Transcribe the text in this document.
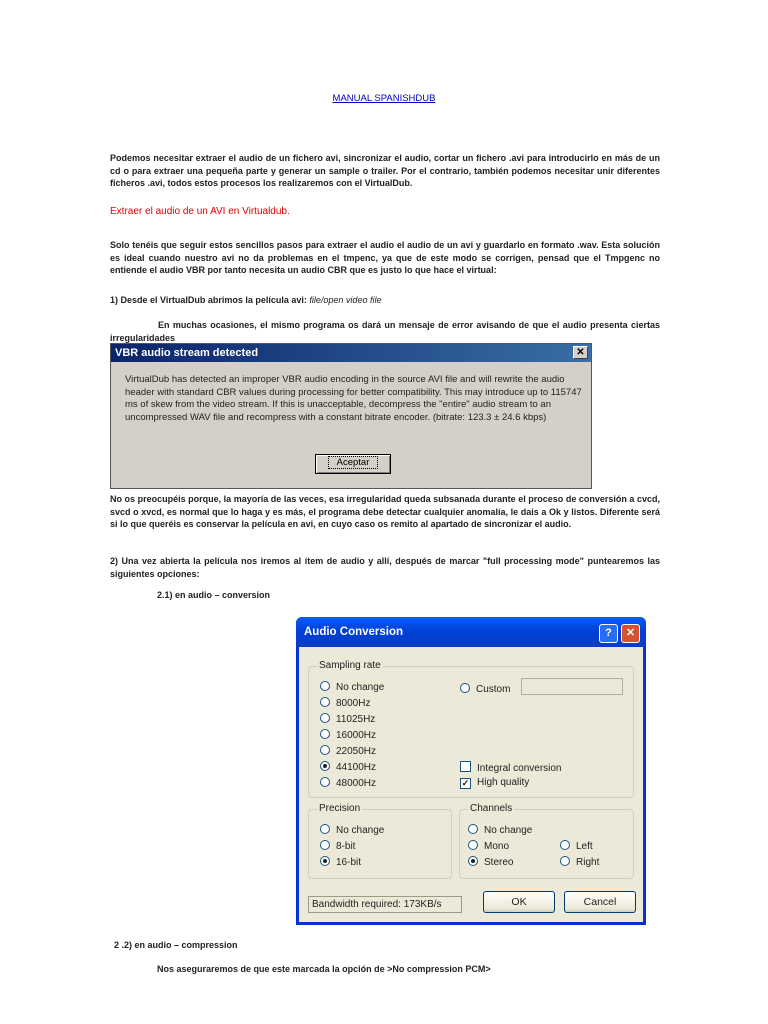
MANUAL SPANISHDUB
Podemos necesitar extraer el audio de un fichero avi, sincronizar el audio, cortar un fichero .avi para introducirlo en más de un cd o para extraer una pequeña parte y generar un sample o trailer. Por el contrario, también podemos necesitar unir diferentes ficheros .avi, todos estos procesos los realizaremos con el VirtualDub.
Extraer el audio de un AVI en Virtualdub.
Solo tenéis que seguir estos sencillos pasos para extraer el audio el audio de un avi y guardarlo en formato .wav. Esta solución es ideal cuando nuestro avi no da problemas en el tmpenc, ya que de este modo se corrigen, pensad que el Tmpgenc no entiende el audio VBR por tanto necesita un audio CBR que es justo lo que hace el virtual:
1) Desde el VirtualDub abrimos la película avi: file/open video file
En muchas ocasiones, el mismo programa os dará un mensaje de error avisando de que el audio presenta ciertas irregularidades
VBR audio stream detected	✕
VirtualDub has detected an improper VBR audio encoding in the source AVI file and will rewrite the audio header with standard CBR values during processing for better compatibility. This may introduce up to 115747 ms of skew from the video stream. If this is unacceptable, decompress the "entire" audio stream to an uncompressed WAV file and recompress with a constant bitrate encoder. (bitrate: 123.3 ± 24.6 kbps)
Aceptar
No os preocupéis porque, la mayoría de las veces, esa irregularidad queda subsanada durante el proceso de conversión a cvcd, svcd o xvcd, es normal que lo haga y es más, el programa debe detectar cualquier anomalía, le dais a Ok y listos. Diferente será si lo que queréis es conservar la película en avi, en cuyo caso os remito al apartado de sincronizar el audio.
2) Una vez abierta la película nos iremos al ítem de audio y allí, después de marcar "full processing mode" puntearemos las siguientes opciones:
2.1) en audio – conversion
Audio Conversion	?	✕
Sampling rate
No change
8000Hz
11025Hz
16000Hz
22050Hz
44100Hz
48000Hz
Custom
Integral conversion
✓ High quality
Precision
No change
8-bit
16-bit
Channels
No change
Mono
Stereo
Left
Right
Bandwidth required: 173KB/s	OK	Cancel
2 .2) en audio – compression
Nos aseguraremos de que este marcada la opción de >No compression PCM>
